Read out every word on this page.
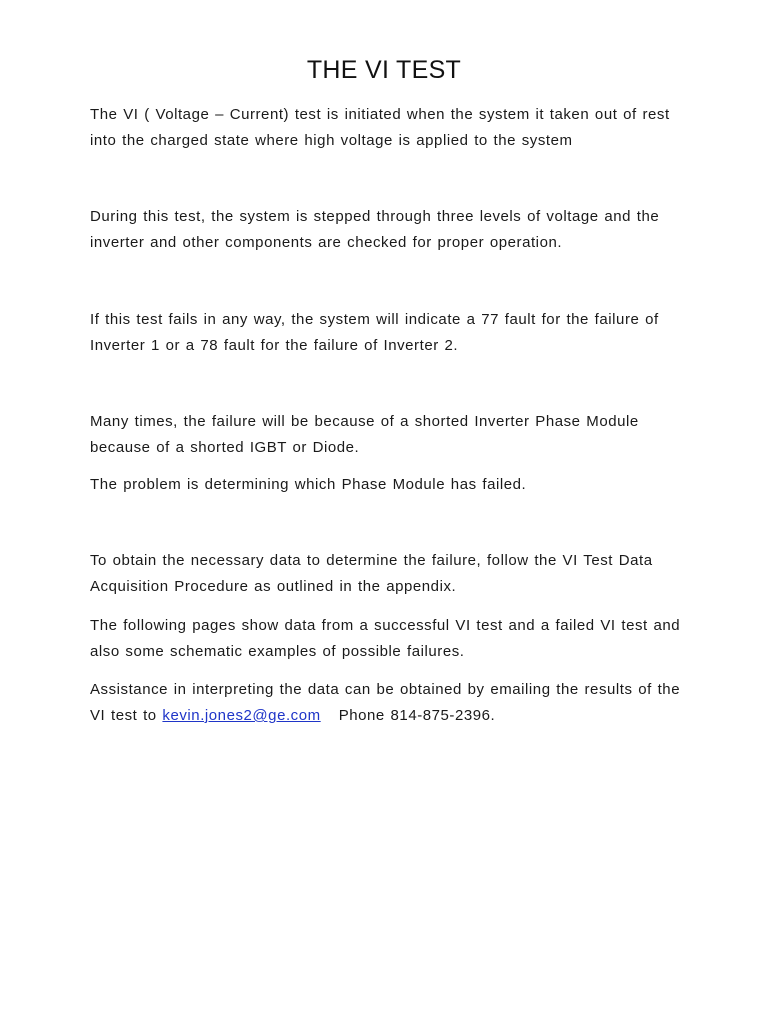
THE VI TEST
The VI ( Voltage – Current) test is initiated when the system it taken out of rest
into the charged state where high voltage is applied to the system
During this test, the system is stepped through three levels of voltage and the
inverter and other components are checked for proper operation.
If this test fails in any way, the system will indicate a 77 fault for the failure of
Inverter 1 or a 78 fault for the failure of Inverter 2.
Many times, the failure will be because of a shorted Inverter Phase Module
because of a shorted IGBT or Diode.
The problem is determining which Phase Module has failed.
To obtain the necessary data to determine the failure, follow the VI Test Data
Acquisition Procedure as outlined in the appendix.
The following pages show data from a successful VI test and a failed VI test and
also some schematic examples of possible failures.
Assistance in interpreting the data can be obtained by emailing the results of the
VI test to kevin.jones2@ge.com Phone 814-875-2396.
